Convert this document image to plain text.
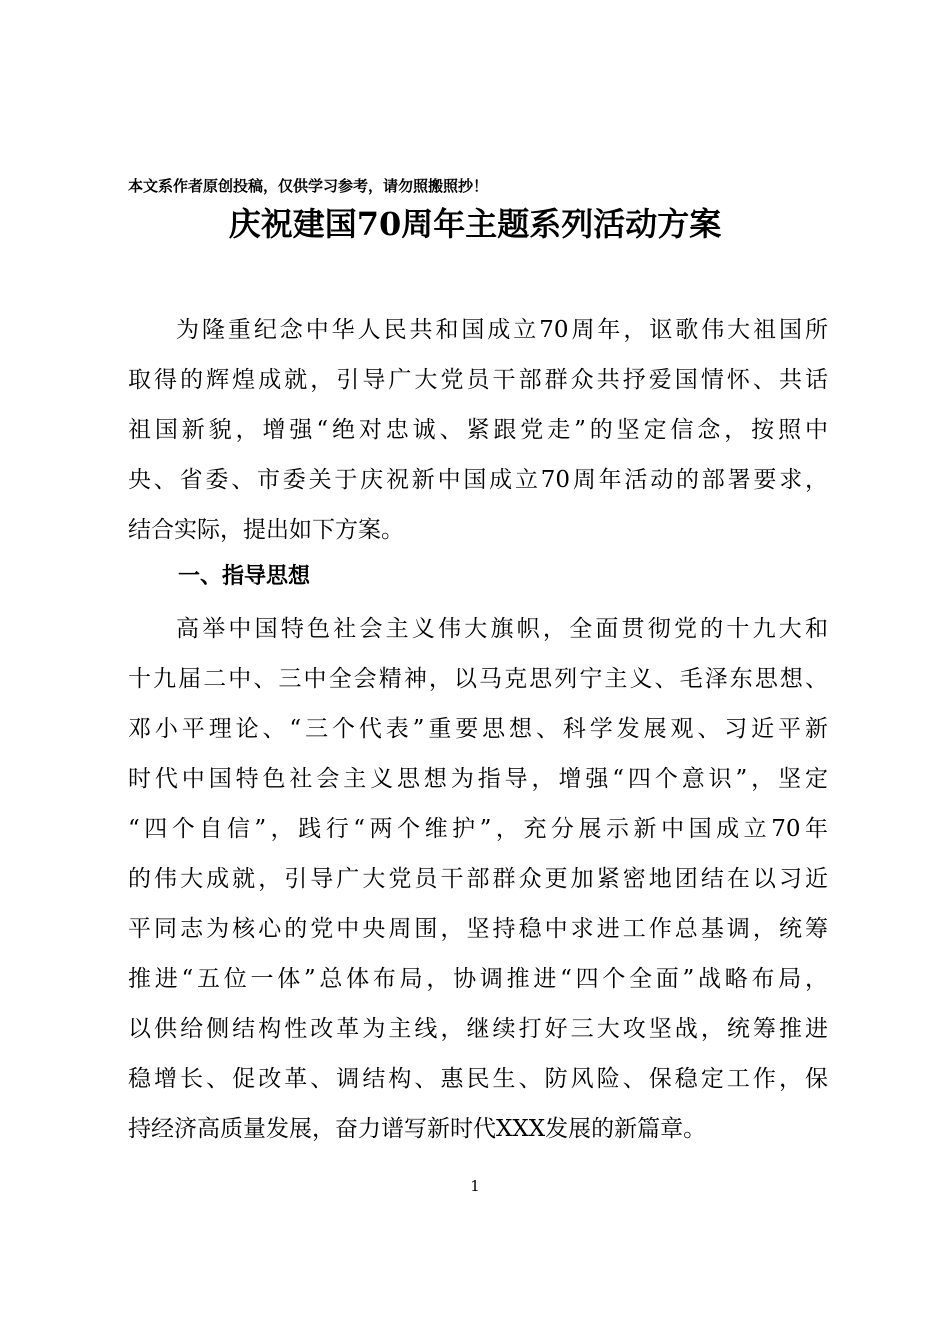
本文系作者原创投稿，仅供学习参考，请勿照搬照抄！
庆祝建国70周年主题系列活动方案
为隆重纪念中华人民共和国成立70周年，讴歌伟大祖国所
取得的辉煌成就，引导广大党员干部群众共抒爱国情怀、共话
祖国新貌，增强“绝对忠诚、紧跟党走”的坚定信念，按照中
央、省委、市委关于庆祝新中国成立70周年活动的部署要求，
结合实际，提出如下方案。
一、指导思想
高举中国特色社会主义伟大旗帜，全面贯彻党的十九大和
十九届二中、三中全会精神，以马克思列宁主义、毛泽东思想、
邓小平理论、“三个代表”重要思想、科学发展观、习近平新
时代中国特色社会主义思想为指导，增强“四个意识”，坚定
“四个自信”，践行“两个维护”，充分展示新中国成立70年
的伟大成就，引导广大党员干部群众更加紧密地团结在以习近
平同志为核心的党中央周围，坚持稳中求进工作总基调，统筹
推进“五位一体”总体布局，协调推进“四个全面”战略布局，
以供给侧结构性改革为主线，继续打好三大攻坚战，统筹推进
稳增长、促改革、调结构、惠民生、防风险、保稳定工作，保
持经济高质量发展，奋力谱写新时代XXX发展的新篇章。
1
